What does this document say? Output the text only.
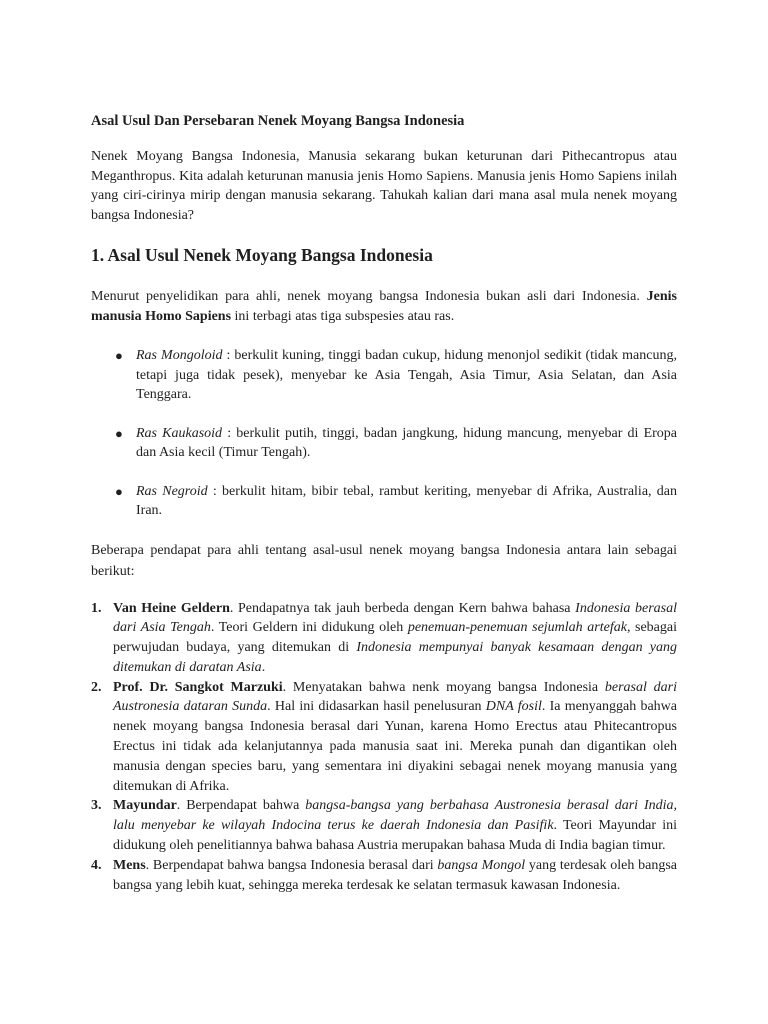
Asal Usul Dan Persebaran Nenek Moyang Bangsa Indonesia

Nenek Moyang Bangsa Indonesia, Manusia sekarang bukan keturunan dari Pithecantropus atau Meganthropus. Kita adalah keturunan manusia jenis Homo Sapiens. Manusia jenis Homo Sapiens inilah yang ciri-cirinya mirip dengan manusia sekarang. Tahukah kalian dari mana asal mula nenek moyang bangsa Indonesia?

1. Asal Usul Nenek Moyang Bangsa Indonesia

Menurut penyelidikan para ahli, nenek moyang bangsa Indonesia bukan asli dari Indonesia. Jenis manusia Homo Sapiens ini terbagi atas tiga subspesies atau ras.

● Ras Mongoloid : berkulit kuning, tinggi badan cukup, hidung menonjol sedikit (tidak mancung, tetapi juga tidak pesek), menyebar ke Asia Tengah, Asia Timur, Asia Selatan, dan Asia Tenggara.
● Ras Kaukasoid : berkulit putih, tinggi, badan jangkung, hidung mancung, menyebar di Eropa dan Asia kecil (Timur Tengah).
● Ras Negroid : berkulit hitam, bibir tebal, rambut keriting, menyebar di Afrika, Australia, dan Iran.

Beberapa pendapat para ahli tentang asal-usul nenek moyang bangsa Indonesia antara lain sebagai berikut:

1. Van Heine Geldern. Pendapatnya tak jauh berbeda dengan Kern bahwa bahasa Indonesia berasal dari Asia Tengah. Teori Geldern ini didukung oleh penemuan-penemuan sejumlah artefak, sebagai perwujudan budaya, yang ditemukan di Indonesia mempunyai banyak kesamaan dengan yang ditemukan di daratan Asia.
2. Prof. Dr. Sangkot Marzuki. Menyatakan bahwa nenk moyang bangsa Indonesia berasal dari Austronesia dataran Sunda. Hal ini didasarkan hasil penelusuran DNA fosil. Ia menyanggah bahwa nenek moyang bangsa Indonesia berasal dari Yunan, karena Homo Erectus atau Phitecantropus Erectus ini tidak ada kelanjutannya pada manusia saat ini. Mereka punah dan digantikan oleh manusia dengan species baru, yang sementara ini diyakini sebagai nenek moyang manusia yang ditemukan di Afrika.
3. Mayundar. Berpendapat bahwa bangsa-bangsa yang berbahasa Austronesia berasal dari India, lalu menyebar ke wilayah Indocina terus ke daerah Indonesia dan Pasifik. Teori Mayundar ini didukung oleh penelitiannya bahwa bahasa Austria merupakan bahasa Muda di India bagian timur.
4. Mens. Berpendapat bahwa bangsa Indonesia berasal dari bangsa Mongol yang terdesak oleh bangsa bangsa yang lebih kuat, sehingga mereka terdesak ke selatan termasuk kawasan Indonesia.
